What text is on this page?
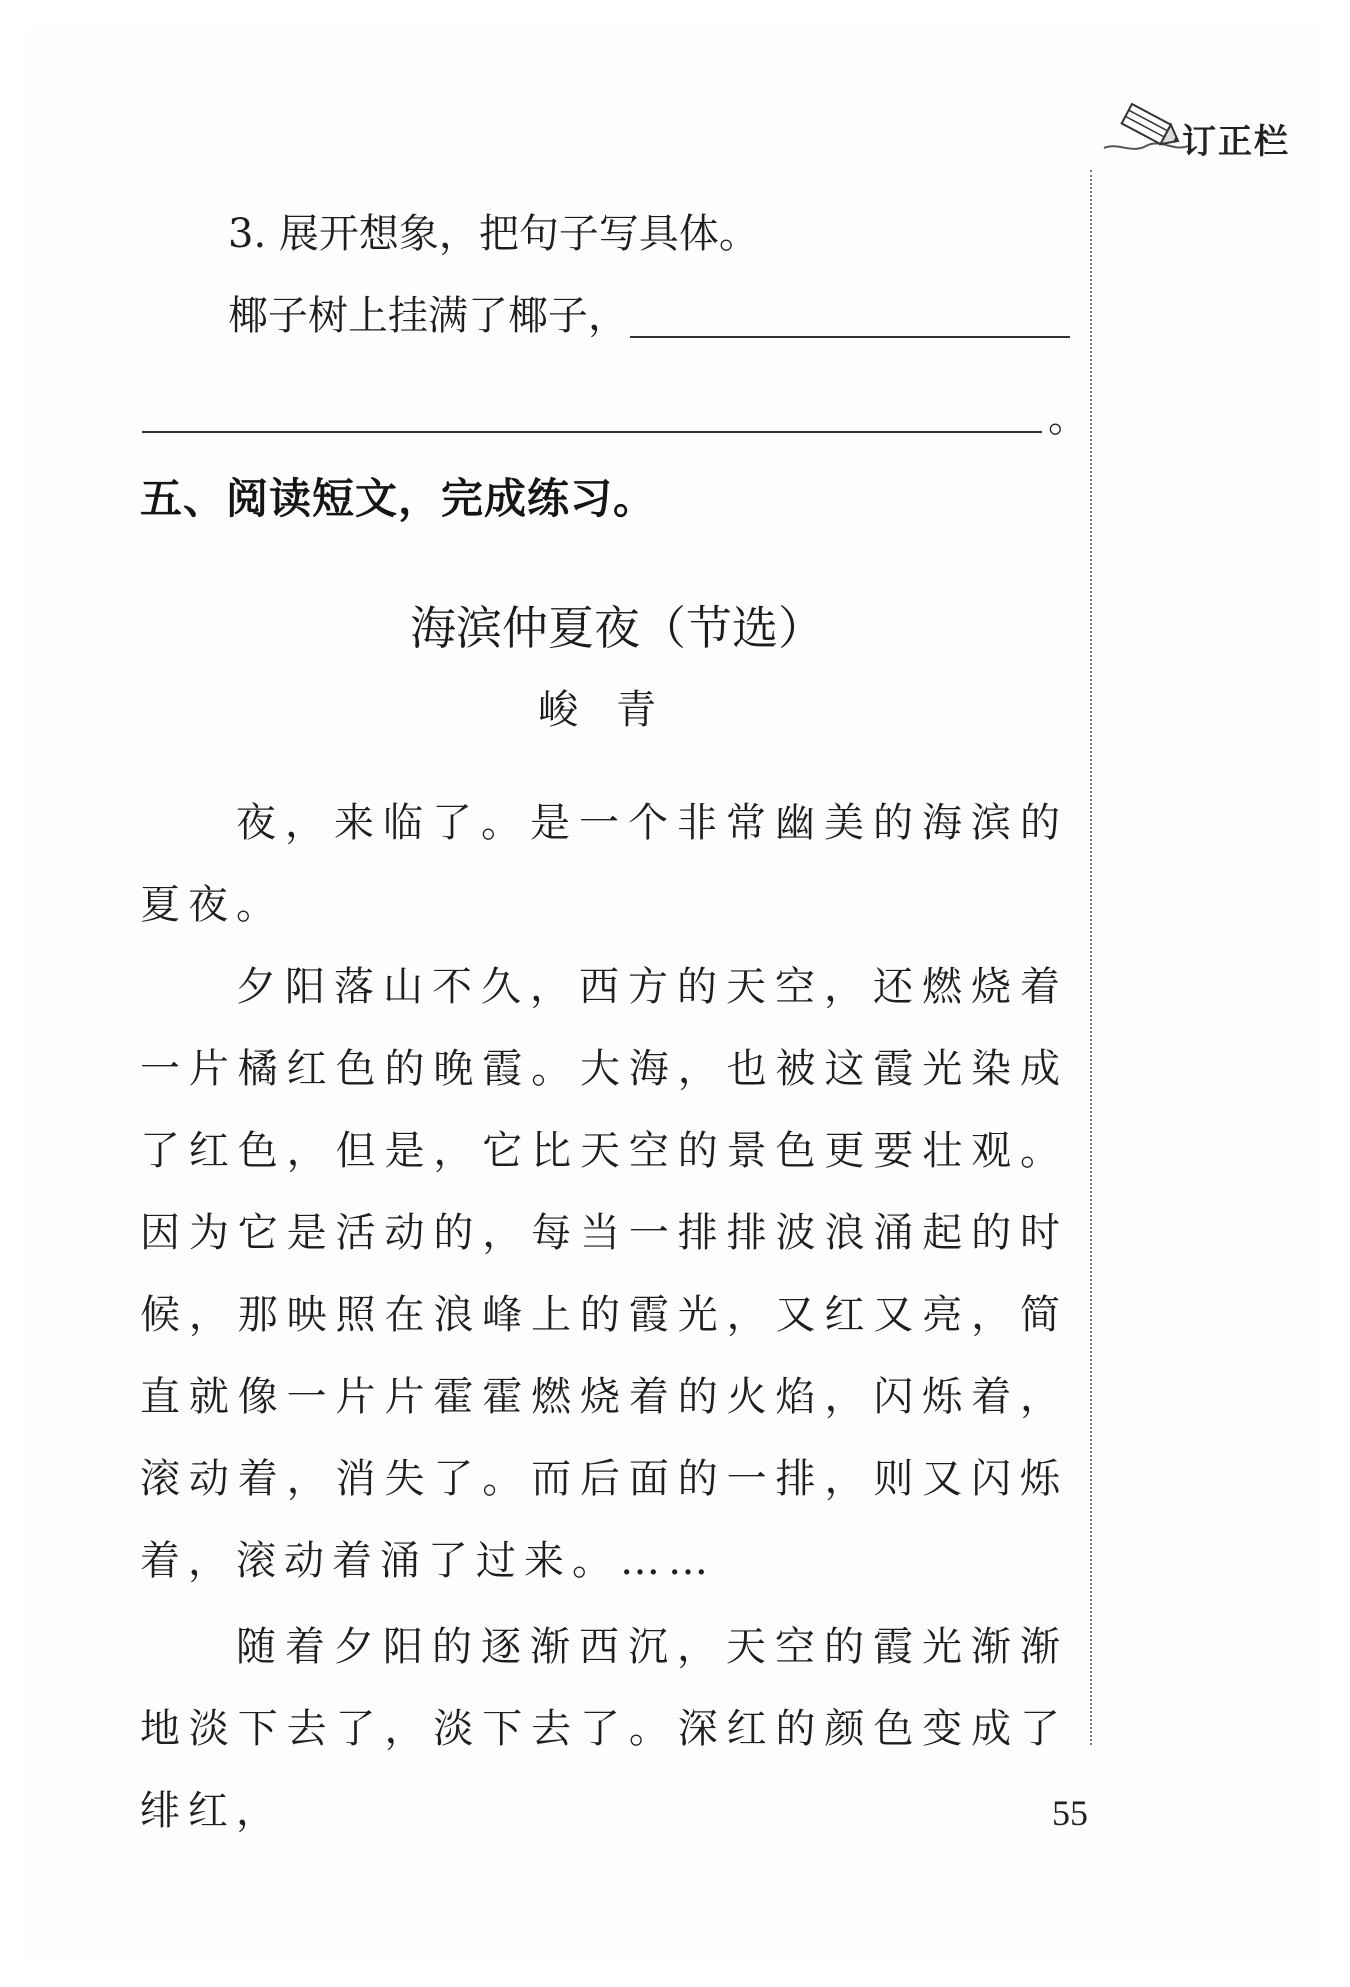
订正栏
3. 展开想象，把句子写具体。
椰子树上挂满了椰子，
。
五、阅读短文，完成练习。
海滨仲夏夜（节选）
峻青
夜，来临了。是一个非常幽美的海滨的夏夜。
夕阳落山不久，西方的天空，还燃烧着一片橘红色的晚霞。大海，也被这霞光染成了红色，但是，它比天空的景色更要壮观。因为它是活动的，每当一排排波浪涌起的时候，那映照在浪峰上的霞光，又红又亮，简直就像一片片霍霍燃烧着的火焰，闪烁着，滚动着，消失了。而后面的一排，则又闪烁着，滚动着涌了过来。……
随着夕阳的逐渐西沉，天空的霞光渐渐地淡下去了，淡下去了。深红的颜色变成了绯红，	55
